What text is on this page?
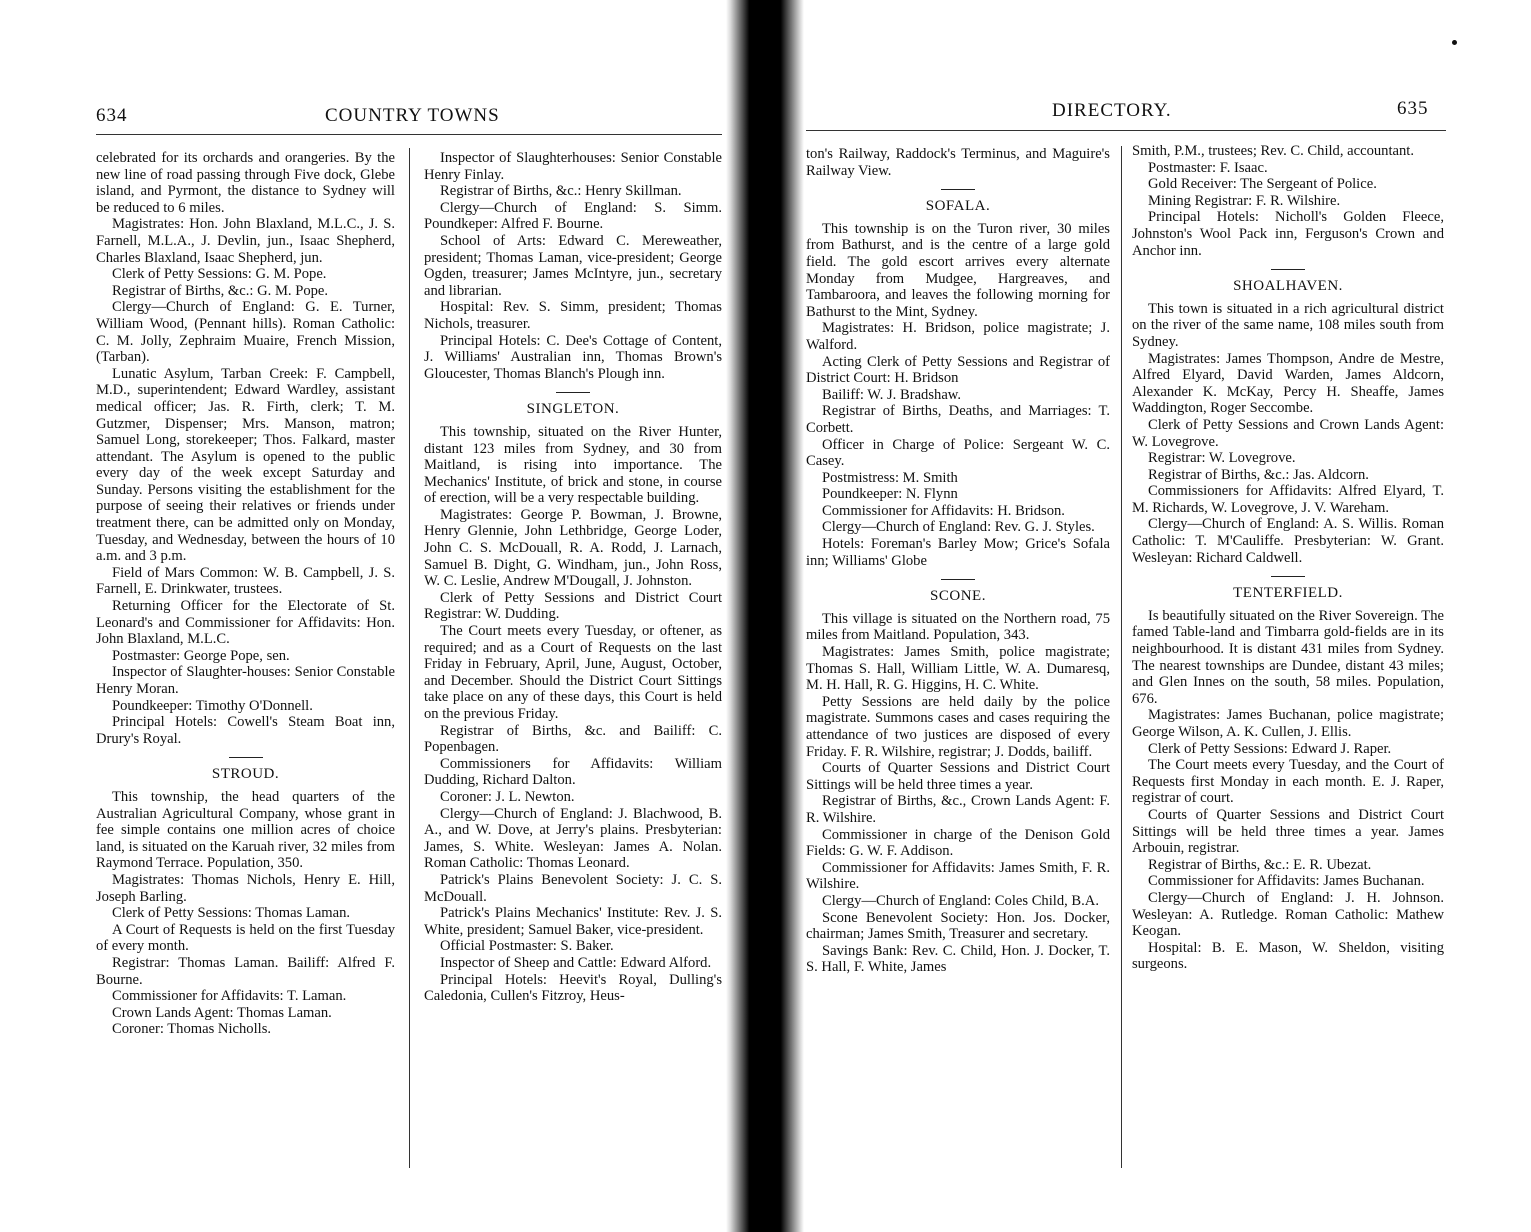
634	COUNTRY TOWNS	DIRECTORY.	635

celebrated for its orchards and orangeries. By the new line of road passing through Five dock, Glebe island, and Pyrmont, the distance to Sydney will be reduced to 6 miles.

Magistrates: Hon. John Blaxland, M.L.C., J. S. Farnell, M.L.A., J. Devlin, jun., Isaac Shepherd, Charles Blaxland, Isaac Shepherd, jun.

Clerk of Petty Sessions: G. M. Pope.

Registrar of Births, &c.: G. M. Pope.

Clergy—Church of England: G. E. Turner, William Wood, (Pennant hills). Roman Catholic: C. M. Jolly, Zephraim Muaire, French Mission, (Tarban).

Lunatic Asylum, Tarban Creek: F. Campbell, M.D., superintendent; Edward Wardley, assistant medical officer; Jas. R. Firth, clerk; T. M. Gutzmer, Dispenser; Mrs. Manson, matron; Samuel Long, storekeeper; Thos. Falkard, master attendant. The Asylum is opened to the public every day of the week except Saturday and Sunday. Persons visiting the establishment for the purpose of seeing their relatives or friends under treatment there, can be admitted only on Monday, Tuesday, and Wednesday, between the hours of 10 a.m. and 3 p.m.

Field of Mars Common: W. B. Campbell, J. S. Farnell, E. Drinkwater, trustees.

Returning Officer for the Electorate of St. Leonard's and Commissioner for Affidavits: Hon. John Blaxland, M.L.C.

Postmaster: George Pope, sen.

Inspector of Slaughter-houses: Senior Constable Henry Moran.

Poundkeeper: Timothy O'Donnell.

Principal Hotels: Cowell's Steam Boat inn, Drury's Royal.

STROUD.

This township, the head quarters of the Australian Agricultural Company, whose grant in fee simple contains one million acres of choice land, is situated on the Karuah river, 32 miles from Raymond Terrace. Population, 350.

Magistrates: Thomas Nichols, Henry E. Hill, Joseph Barling.

Clerk of Petty Sessions: Thomas Laman.

A Court of Requests is held on the first Tuesday of every month.

Registrar: Thomas Laman. Bailiff: Alfred F. Bourne.

Commissioner for Affidavits: T. Laman.

Crown Lands Agent: Thomas Laman.

Coroner: Thomas Nicholls.

Inspector of Slaughterhouses: Senior Constable Henry Finlay.

Registrar of Births, &c.: Henry Skillman.

Clergy—Church of England: S. Simm. Poundkeper: Alfred F. Bourne.

School of Arts: Edward C. Mereweather, president; Thomas Laman, vice-president; George Ogden, treasurer; James McIntyre, jun., secretary and librarian.

Hospital: Rev. S. Simm, president; Thomas Nichols, treasurer.

Principal Hotels: C. Dee's Cottage of Content, J. Williams' Australian inn, Thomas Brown's Gloucester, Thomas Blanch's Plough inn.

SINGLETON.

This township, situated on the River Hunter, distant 123 miles from Sydney, and 30 from Maitland, is rising into importance. The Mechanics' Institute, of brick and stone, in course of erection, will be a very respectable building.

Magistrates: George P. Bowman, J. Browne, Henry Glennie, John Lethbridge, George Loder, John C. S. McDouall, R. A. Rodd, J. Larnach, Samuel B. Dight, G. Windham, jun., John Ross, W. C. Leslie, Andrew M'Dougall, J. Johnston.

Clerk of Petty Sessions and District Court Registrar: W. Dudding.

The Court meets every Tuesday, or oftener, as required; and as a Court of Requests on the last Friday in February, April, June, August, October, and December. Should the District Court Sittings take place on any of these days, this Court is held on the previous Friday.

Registrar of Births, &c. and Bailiff: C. Popenbagen.

Commissioners for Affidavits: William Dudding, Richard Dalton.

Coroner: J. L. Newton.

Clergy—Church of England: J. Blachwood, B. A., and W. Dove, at Jerry's plains. Presbyterian: James, S. White. Wesleyan: James A. Nolan. Roman Catholic: Thomas Leonard.

Patrick's Plains Benevolent Society: J. C. S. McDouall.

Patrick's Plains Mechanics' Institute: Rev. J. S. White, president; Samuel Baker, vice-president.

Official Postmaster: S. Baker.

Inspector of Sheep and Cattle: Edward Alford.

Principal Hotels: Heevit's Royal, Dulling's Caledonia, Cullen's Fitzroy, Heus-

ton's Railway, Raddock's Terminus, and Maguire's Railway View.

SOFALA.

This township is on the Turon river, 30 miles from Bathurst, and is the centre of a large gold field. The gold escort arrives every alternate Monday from Mudgee, Hargreaves, and Tambaroora, and leaves the following morning for Bathurst to the Mint, Sydney.

Magistrates: H. Bridson, police magistrate; J. Walford.

Acting Clerk of Petty Sessions and Registrar of District Court: H. Bridson

Bailiff: W. J. Bradshaw.

Registrar of Births, Deaths, and Marriages: T. Corbett.

Officer in Charge of Police: Sergeant W. C. Casey.

Postmistress: M. Smith

Poundkeeper: N. Flynn

Commissioner for Affidavits: H. Bridson.

Clergy—Church of England: Rev. G. J. Styles.

Hotels: Foreman's Barley Mow; Grice's Sofala inn; Williams' Globe

SCONE.

This village is situated on the Northern road, 75 miles from Maitland. Population, 343.

Magistrates: James Smith, police magistrate; Thomas S. Hall, William Little, W. A. Dumaresq, M. H. Hall, R. G. Higgins, H. C. White.

Petty Sessions are held daily by the police magistrate. Summons cases and cases requiring the attendance of two justices are disposed of every Friday. F. R. Wilshire, registrar; J. Dodds, bailiff.

Courts of Quarter Sessions and District Court Sittings will be held three times a year.

Registrar of Births, &c., Crown Lands Agent: F. R. Wilshire.

Commissioner in charge of the Denison Gold Fields: G. W. F. Addison.

Commissioner for Affidavits: James Smith, F. R. Wilshire.

Clergy—Church of England: Coles Child, B.A.

Scone Benevolent Society: Hon. Jos. Docker, chairman; James Smith, Treasurer and secretary.

Savings Bank: Rev. C. Child, Hon. J. Docker, T. S. Hall, F. White, James

Smith, P.M., trustees; Rev. C. Child, accountant.

Postmaster: F. Isaac.

Gold Receiver: The Sergeant of Police.

Mining Registrar: F. R. Wilshire.

Principal Hotels: Nicholl's Golden Fleece, Johnston's Wool Pack inn, Ferguson's Crown and Anchor inn.

SHOALHAVEN.

This town is situated in a rich agricultural district on the river of the same name, 108 miles south from Sydney.

Magistrates: James Thompson, Andre de Mestre, Alfred Elyard, David Warden, James Aldcorn, Alexander K. McKay, Percy H. Sheaffe, James Waddington, Roger Seccombe.

Clerk of Petty Sessions and Crown Lands Agent: W. Lovegrove.

Registrar: W. Lovegrove.

Registrar of Births, &c.: Jas. Aldcorn.

Commissioners for Affidavits: Alfred Elyard, T. M. Richards, W. Lovegrove, J. V. Wareham.

Clergy—Church of England: A. S. Willis. Roman Catholic: T. M'Cauliffe. Presbyterian: W. Grant. Wesleyan: Richard Caldwell.

TENTERFIELD.

Is beautifully situated on the River Sovereign. The famed Table-land and Timbarra gold-fields are in its neighbourhood. It is distant 431 miles from Sydney. The nearest townships are Dundee, distant 43 miles; and Glen Innes on the south, 58 miles. Population, 676.

Magistrates: James Buchanan, police magistrate; George Wilson, A. K. Cullen, J. Ellis.

Clerk of Petty Sessions: Edward J. Raper.

The Court meets every Tuesday, and the Court of Requests first Monday in each month. E. J. Raper, registrar of court.

Courts of Quarter Sessions and District Court Sittings will be held three times a year. James Arbouin, registrar.

Registrar of Births, &c.: E. R. Ubezat.

Commissioner for Affidavits: James Buchanan.

Clergy—Church of England: J. H. Johnson. Wesleyan: A. Rutledge. Roman Catholic: Mathew Keogan.

Hospital: B. E. Mason, W. Sheldon, visiting surgeons.
